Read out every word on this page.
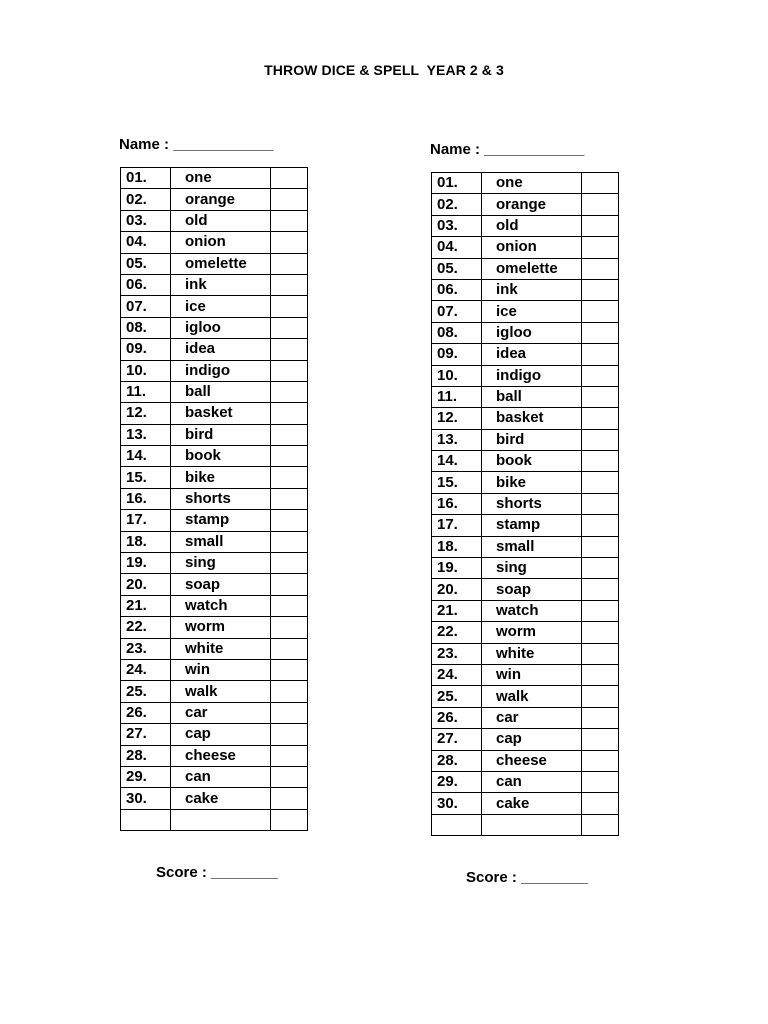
THROW DICE & SPELL  YEAR 2 & 3
Name : ____________	Name : ____________
01.	one	
02.	orange	
03.	old	
04.	onion	
05.	omelette	
06.	ink	
07.	ice	
08.	igloo	
09.	idea	
10.	indigo	
11.	ball	
12.	basket	
13.	bird	
14.	book	
15.	bike	
16.	shorts	
17.	stamp	
18.	small	
19.	sing	
20.	soap	
21.	watch	
22.	worm	
23.	white	
24.	win	
25.	walk	
26.	car	
27.	cap	
28.	cheese	
29.	can	
30.	cake	

01.	one	
02.	orange	
03.	old	
04.	onion	
05.	omelette	
06.	ink	
07.	ice	
08.	igloo	
09.	idea	
10.	indigo	
11.	ball	
12.	basket	
13.	bird	
14.	book	
15.	bike	
16.	shorts	
17.	stamp	
18.	small	
19.	sing	
20.	soap	
21.	watch	
22.	worm	
23.	white	
24.	win	
25.	walk	
26.	car	
27.	cap	
28.	cheese	
29.	can	
30.	cake	

Score : ________	Score : ________
